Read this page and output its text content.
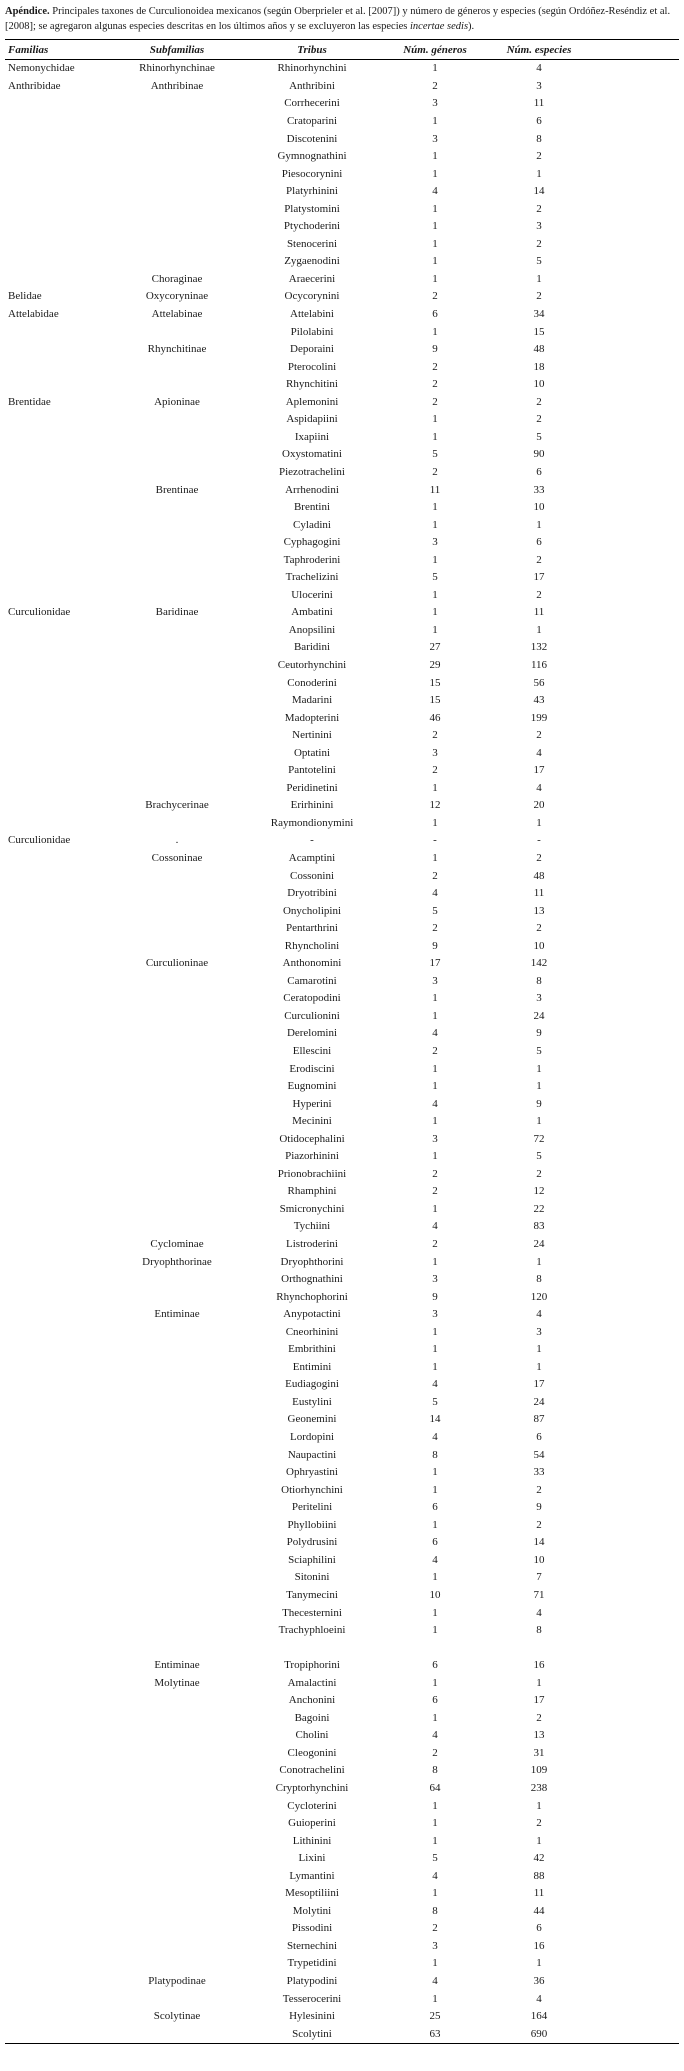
Apéndice. Principales taxones de Curculionoidea mexicanos (según Oberprieler et al. [2007]) y número de géneros y especies (según Ordóñez-Reséndiz et al. [2008]; se agregaron algunas especies descritas en los últimos años y se excluyeron las especies incertae sedis).

Familias	Subfamilias	Tribus	Núm. géneros	Núm. especies	
Nemonychidae	Rhinorhynchinae	Rhinorhynchini	1	4	
Anthribidae	Anthribinae	Anthribini	2	3	
		Corrhecerini	3	11	
		Cratoparini	1	6	
		Discotenini	3	8	
		Gymnognathini	1	2	
		Piesocorynini	1	1	
		Platyrhinini	4	14	
		Platystomini	1	2	
		Ptychoderini	1	3	
		Stenocerini	1	2	
		Zygaenodini	1	5	
	Choraginae	Araecerini	1	1	
Belidae	Oxycoryninae	Ocycorynini	2	2	
Attelabidae	Attelabinae	Attelabini	6	34	
		Pilolabini	1	15	
	Rhynchitinae	Deporaini	9	48	
		Pterocolini	2	18	
		Rhynchitini	2	10	
Brentidae	Apioninae	Aplemonini	2	2	
		Aspidapiini	1	2	
		Ixapiini	1	5	
		Oxystomatini	5	90	
		Piezotrachelini	2	6	
	Brentinae	Arrhenodini	11	33	
		Brentini	1	10	
		Cyladini	1	1	
		Cyphagogini	3	6	
		Taphroderini	1	2	
		Trachelizini	5	17	
		Ulocerini	1	2	
Curculionidae	Baridinae	Ambatini	1	11	
		Anopsilini	1	1	
		Baridini	27	132	
		Ceutorhynchini	29	116	
		Conoderini	15	56	
		Madarini	15	43	
		Madopterini	46	199	
		Nertinini	2	2	
		Optatini	3	4	
		Pantotelini	2	17	
		Peridinetini	1	4	
	Brachycerinae	Erirhinini	12	20	
		Raymondionymini	1	1	
Curculionidae	.	-	-	-	
	Cossoninae	Acamptini	1	2	
		Cossonini	2	48	
		Dryotribini	4	11	
		Onycholipini	5	13	
		Pentarthrini	2	2	
		Rhyncholini	9	10	
	Curculioninae	Anthonomini	17	142	
		Camarotini	3	8	
		Ceratopodini	1	3	
		Curculionini	1	24	
		Derelomini	4	9	
		Ellescini	2	5	
		Erodiscini	1	1	
		Eugnomini	1	1	
		Hyperini	4	9	
		Mecinini	1	1	
		Otidocephalini	3	72	
		Piazorhinini	1	5	
		Prionobrachiini	2	2	
		Rhamphini	2	12	
		Smicronychini	1	22	
		Tychiini	4	83	
	Cyclominae	Listroderini	2	24	
	Dryophthorinae	Dryophthorini	1	1	
		Orthognathini	3	8	
		Rhynchophorini	9	120	
	Entiminae	Anypotactini	3	4	
		Cneorhinini	1	3	
		Embrithini	1	1	
		Entimini	1	1	
		Eudiagogini	4	17	
		Eustylini	5	24	
		Geonemini	14	87	
		Lordopini	4	6	
		Naupactini	8	54	
		Ophryastini	1	33	
		Otiorhynchini	1	2	
		Peritelini	6	9	
		Phyllobiini	1	2	
		Polydrusini	6	14	
		Sciaphilini	4	10	
		Sitonini	1	7	
		Tanymecini	10	71	
		Thecesternini	1	4	
		Trachyphloeini	1	8	

	Entiminae	Tropiphorini	6	16	
	Molytinae	Amalactini	1	1	
		Anchonini	6	17	
		Bagoini	1	2	
		Cholini	4	13	
		Cleogonini	2	31	
		Conotrachelini	8	109	
		Cryptorhynchini	64	238	
		Cycloterini	1	1	
		Guioperini	1	2	
		Lithinini	1	1	
		Lixini	5	42	
		Lymantini	4	88	
		Mesoptiliini	1	11	
		Molytini	8	44	
		Pissodini	2	6	
		Sternechini	3	16	
		Trypetidini	1	1	
	Platypodinae	Platypodini	4	36	
		Tesserocerini	1	4	
	Scolytinae	Hylesinini	25	164	
		Scolytini	63	690	
